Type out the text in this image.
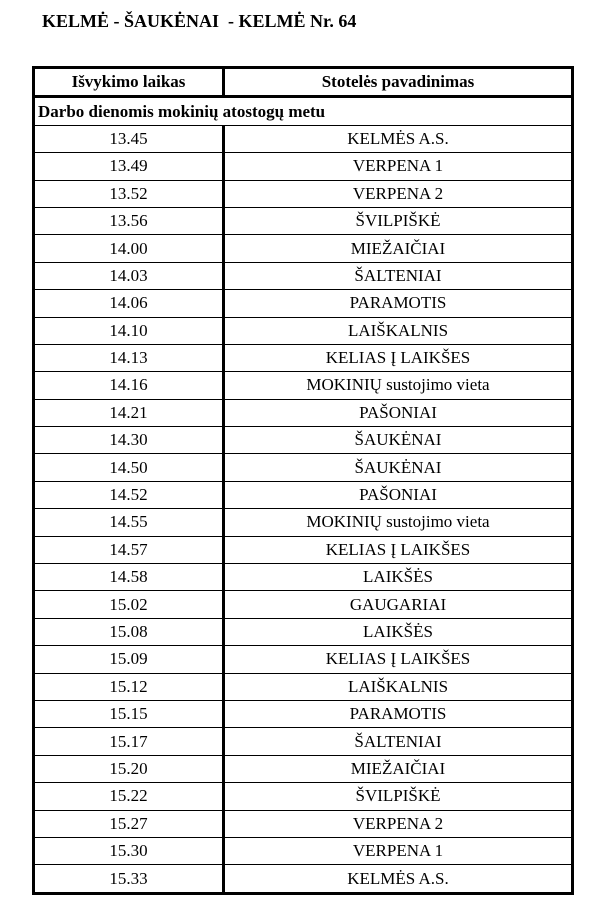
KELMĖ - ŠAUKĖNAI  - KELMĖ Nr. 64
Išvykimo laikas	Stotelės pavadinimas
Darbo dienomis mokinių atostogų metu	
13.45	KELMĖS A.S.
13.49	VERPENA 1
13.52	VERPENA 2
13.56	ŠVILPIŠKĖ
14.00	MIEŽAIČIAI
14.03	ŠALTENIAI
14.06	PARAMOTIS
14.10	LAIŠKALNIS
14.13	KELIAS Į LAIKŠES
14.16	MOKINIŲ sustojimo vieta
14.21	PAŠONIAI
14.30	ŠAUKĖNAI
14.50	ŠAUKĖNAI
14.52	PAŠONIAI
14.55	MOKINIŲ sustojimo vieta
14.57	KELIAS Į LAIKŠES
14.58	LAIKŠĖS
15.02	GAUGARIAI
15.08	LAIKŠĖS
15.09	KELIAS Į LAIKŠES
15.12	LAIŠKALNIS
15.15	PARAMOTIS
15.17	ŠALTENIAI
15.20	MIEŽAIČIAI
15.22	ŠVILPIŠKĖ
15.27	VERPENA 2
15.30	VERPENA 1
15.33	KELMĖS A.S.
